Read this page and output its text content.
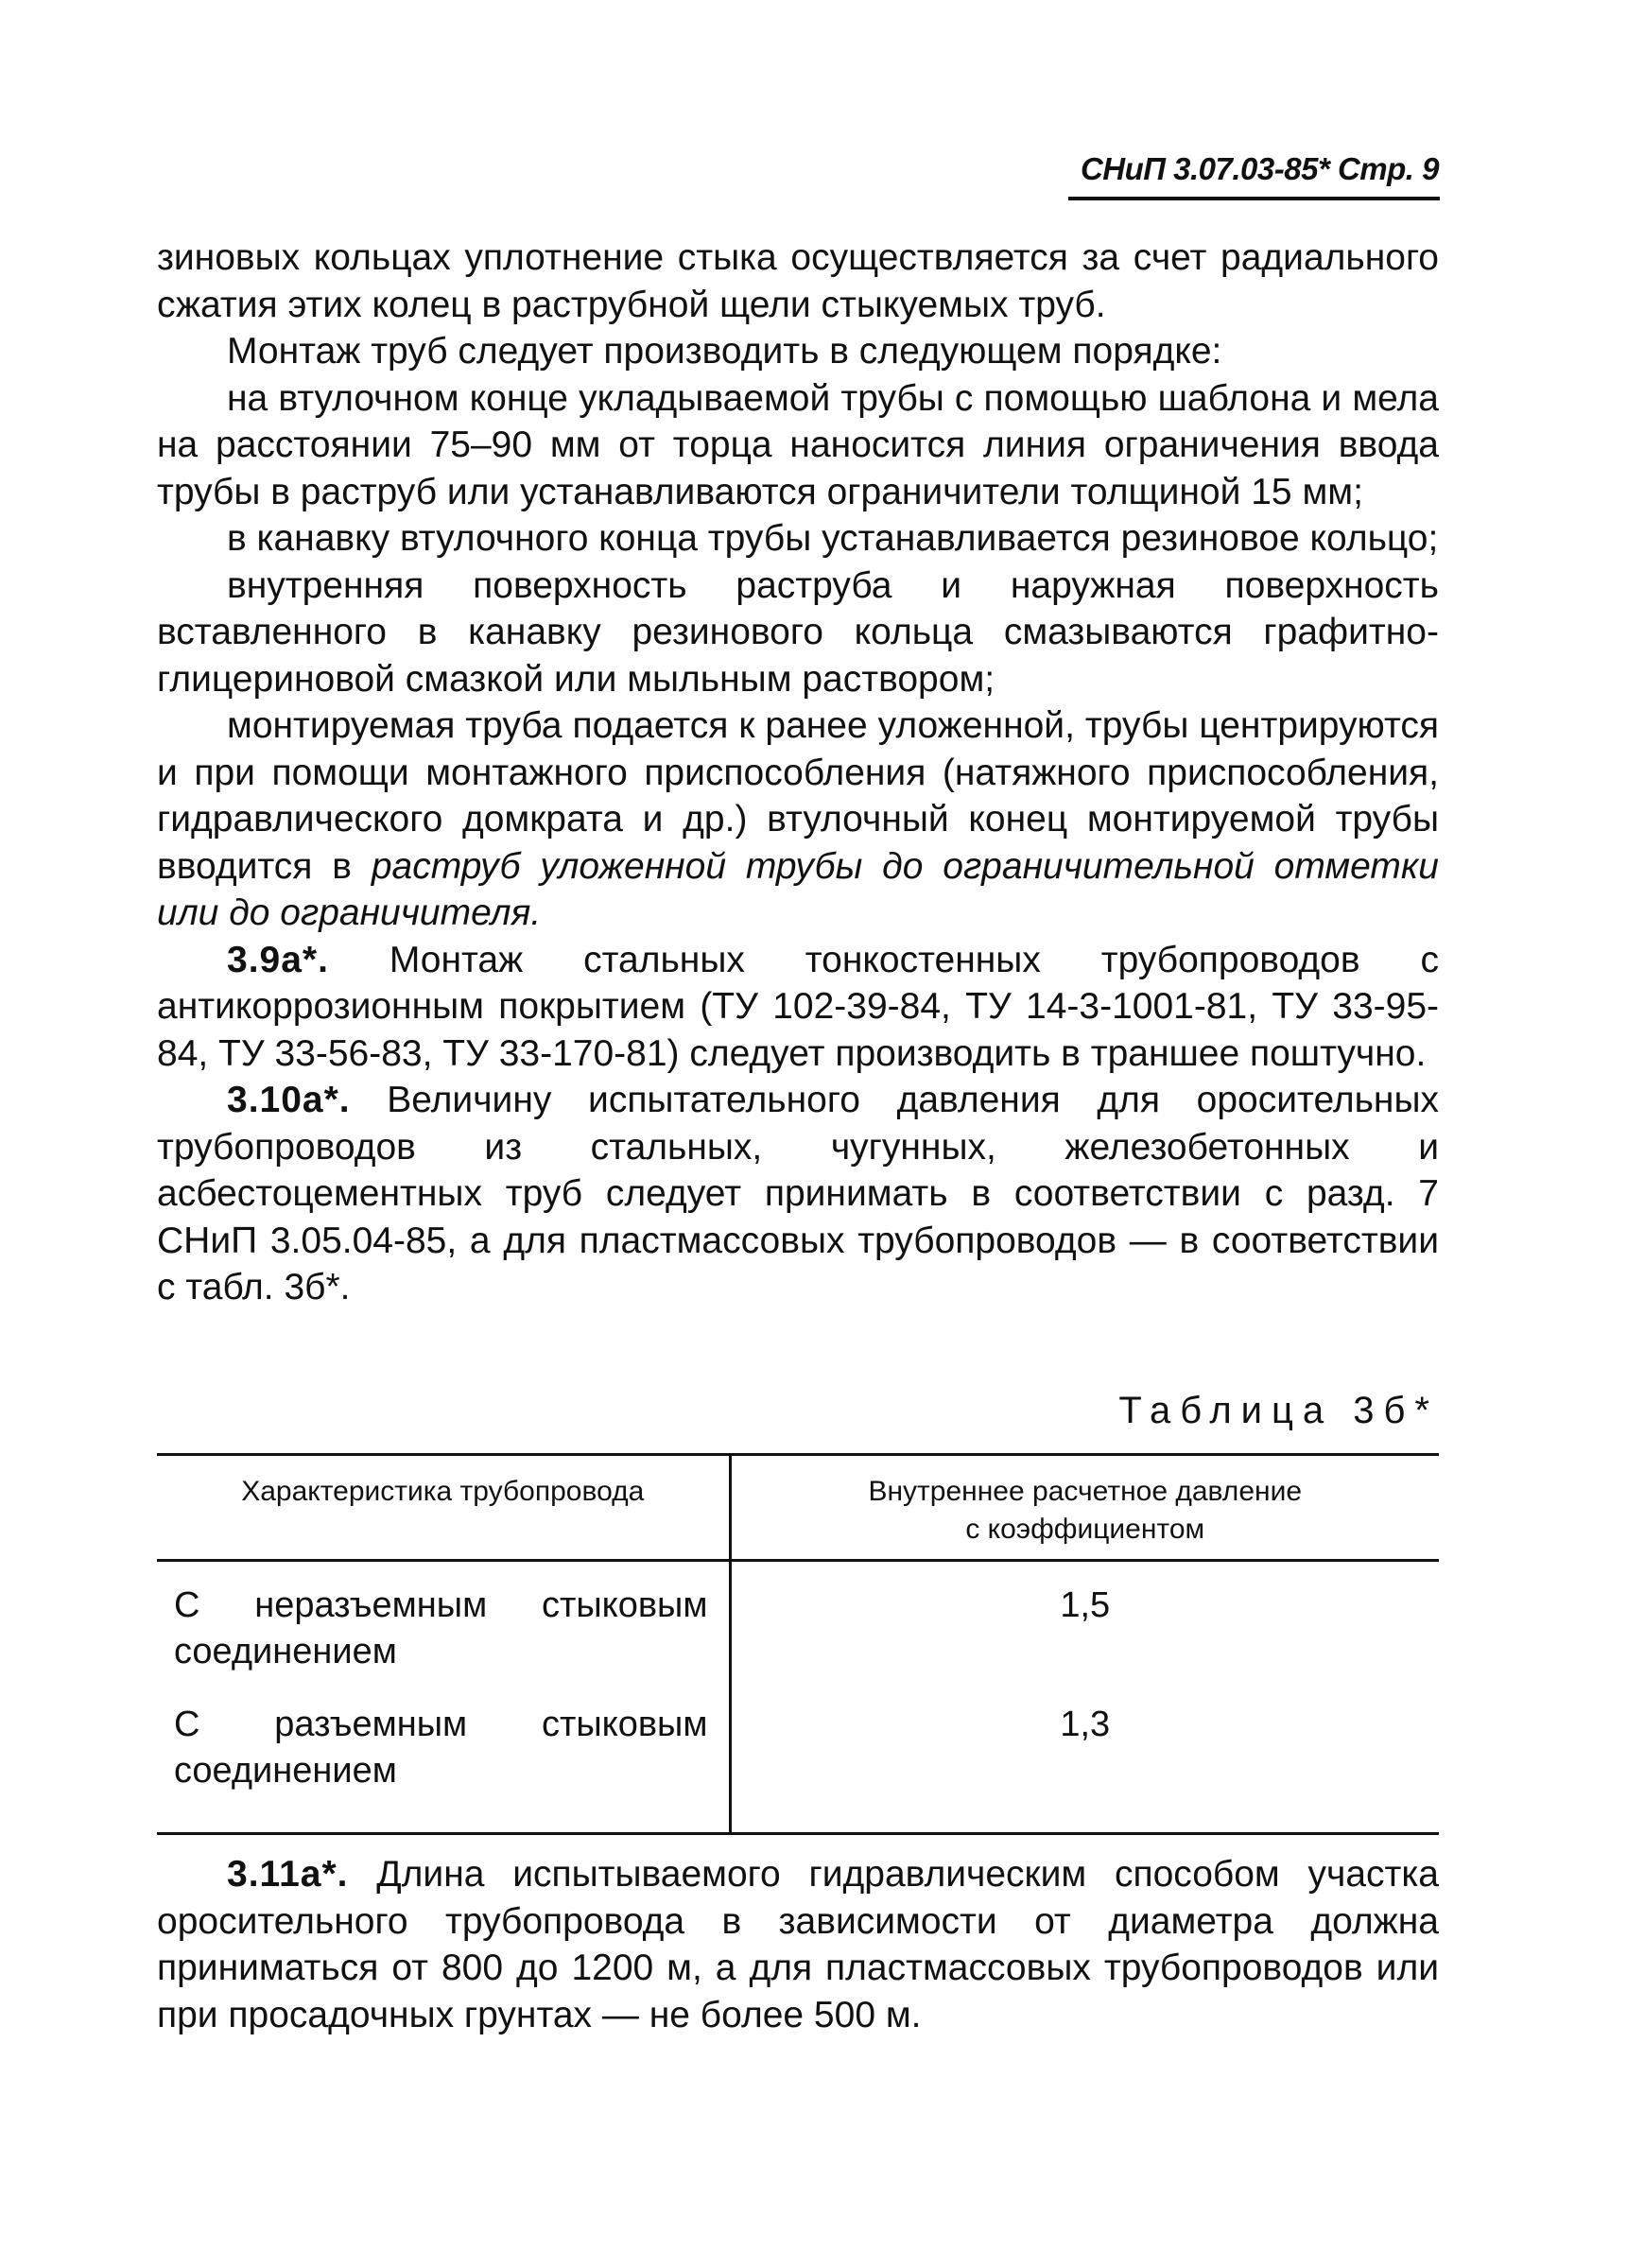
СНиП 3.07.03-85* Стр. 9

зиновых кольцах уплотнение стыка осуществляется за счет радиального сжатия этих колец в раструбной щели стыкуемых труб.

Монтаж труб следует производить в следующем порядке:

на втулочном конце укладываемой трубы с помощью шаблона и мела на расстоянии 75–90 мм от торца наносится линия ограничения ввода трубы в раструб или устанавливаются ограничители толщиной 15 мм;

в канавку втулочного конца трубы устанавливается резиновое кольцо;

внутренняя поверхность раструба и наружная поверхность вставленного в канавку резинового кольца смазываются графитно-глицериновой смазкой или мыльным раствором;

монтируемая труба подается к ранее уложенной, трубы центрируются и при помощи монтажного приспособления (натяжного приспособления, гидравлического домкрата и др.) втулочный конец монтируемой трубы вводится в раструб уложенной трубы до ограничительной отметки или до ограничителя.

3.9а*. Монтаж стальных тонкостенных трубопроводов с антикоррозионным покрытием (ТУ 102-39-84, ТУ 14-3-1001-81, ТУ 33-95-84, ТУ 33-56-83, ТУ 33-170-81) следует производить в траншее поштучно.

3.10а*. Величину испытательного давления для оросительных трубопроводов из стальных, чугунных, железобетонных и асбестоцементных труб следует принимать в соответствии с разд. 7 СНиП 3.05.04-85, а для пластмассовых трубопроводов — в соответствии с табл. 3б*.

Таблица 3б*
Характеристика трубопровода	Внутреннее расчетное давление
с коэффициентом

С неразъемным стыковым соединением	1,5
С разъемным стыковым соединением	1,3

3.11а*. Длина испытываемого гидравлическим способом участка оросительного трубопровода в зависимости от диаметра должна приниматься от 800 до 1200 м, а для пластмассовых трубопроводов или при просадочных грунтах — не более 500 м.
